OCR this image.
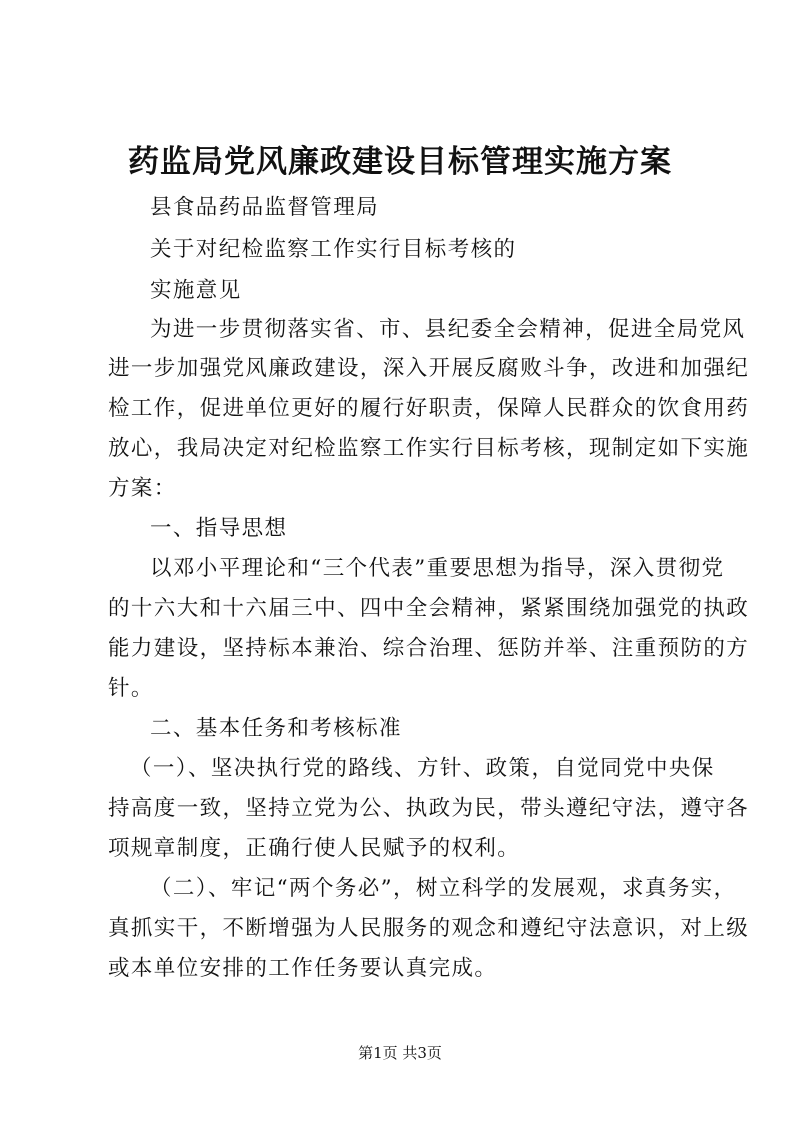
药监局党风廉政建设目标管理实施方案
县食品药品监督管理局
关于对纪检监察工作实行目标考核的
实施意见
为进一步贯彻落实省、市、县纪委全会精神，促进全局党风
进一步加强党风廉政建设，深入开展反腐败斗争，改进和加强纪
检工作，促进单位更好的履行好职责，保障人民群众的饮食用药
放心，我局决定对纪检监察工作实行目标考核，现制定如下实施
方案：
一、指导思想
以邓小平理论和“三个代表”重要思想为指导，深入贯彻党
的十六大和十六届三中、四中全会精神，紧紧围绕加强党的执政
能力建设，坚持标本兼治、综合治理、惩防并举、注重预防的方
针。
二、基本任务和考核标准
（一）、坚决执行党的路线、方针、政策，自觉同党中央保
持高度一致，坚持立党为公、执政为民，带头遵纪守法，遵守各
项规章制度，正确行使人民赋予的权利。
（二）、牢记“两个务必”，树立科学的发展观，求真务实，
真抓实干，不断增强为人民服务的观念和遵纪守法意识，对上级
或本单位安排的工作任务要认真完成。
第1页 共3页
